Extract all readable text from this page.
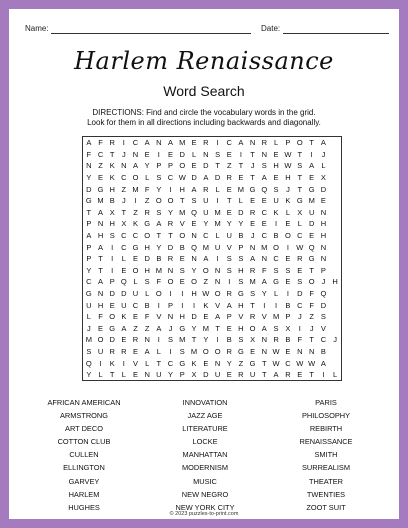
Name:	Date:
Harlem Renaissance
Word Search
DIRECTIONS: Find and circle the vocabulary words in the grid.
Look for them in all directions including backwards and diagonally.
A	F	R	I	C	A	N	A	M	E	R	I	C	A	N	R	L	P	O	T	A	
F	C	T	J	N	E	I	E	D	L	N	S	E	I	T	N	E	W	T	I	J	
N	Z	K	N	A	Y	P	P	O	E	D	T	Z	T	J	S	H	W	S	A	L	
Y	E	K	C	O	L	S	C	W	D	A	D	R	E	T	A	E	H	T	E	X	
D	G	H	Z	M	F	Y	I	H	A	R	L	E	M	G	Q	S	J	T	G	D	
G	M	B	J	I	Z	O	O	T	S	U	I	T	L	E	E	U	K	G	M	E	
T	A	X	T	Z	R	S	Y	M	Q	U	M	E	D	R	C	K	L	X	U	N	
P	N	H	X	K	G	A	R	V	E	Y	M	Y	Y	E	E	I	E	L	D	H	
A	H	S	C	C	O	T	T	O	N	C	L	U	B	J	C	B	O	C	E	H	
P	A	I	C	G	H	Y	D	B	Q	M	U	V	P	N	M	O	I	W	Q	N	
P	T	I	L	E	D	B	R	E	N	A	I	S	S	A	N	C	E	R	G	N	
Y	T	I	E	O	H	M	N	S	Y	O	N	S	H	R	F	S	S	E	T	P	
C	A	P	Q	L	S	F	O	E	O	Z	N	I	S	M	A	G	E	S	O	J	H
G	N	D	D	U	L	O	I	I	H	W	O	R	G	S	Y	L	I	D	F	Q	
U	H	E	U	C	B	I	P	I	I	K	V	A	H	T	I	I	B	C	F	D	
L	F	O	K	E	F	V	N	H	D	E	A	P	V	R	V	M	P	J	Z	S	
J	E	G	A	Z	Z	A	J	G	Y	M	T	E	H	O	A	S	X	I	J	V	
M	O	D	E	R	N	I	S	M	T	Y	I	B	S	X	N	R	B	F	T	C	J
S	U	R	R	E	A	L	I	S	M	O	O	R	G	E	N	W	E	N	N	B	
Q	I	K	I	V	L	T	C	G	K	E	N	Y	Z	G	T	W	C	W	W	A	
Y	L	T	L	E	N	U	Y	P	X	D	U	E	R	U	T	A	R	E	T	I	L
AFRICAN AMERICAN
ARMSTRONG
ART DECO
COTTON CLUB
CULLEN
ELLINGTON
GARVEY
HARLEM
HUGHES
INNOVATION
JAZZ AGE
LITERATURE
LOCKE
MANHATTAN
MODERNISM
MUSIC
NEW NEGRO
NEW YORK CITY
PARIS
PHILOSOPHY
REBIRTH
RENAISSANCE
SMITH
SURREALISM
THEATER
TWENTIES
ZOOT SUIT
© 2023 puzzles-to-print.com
